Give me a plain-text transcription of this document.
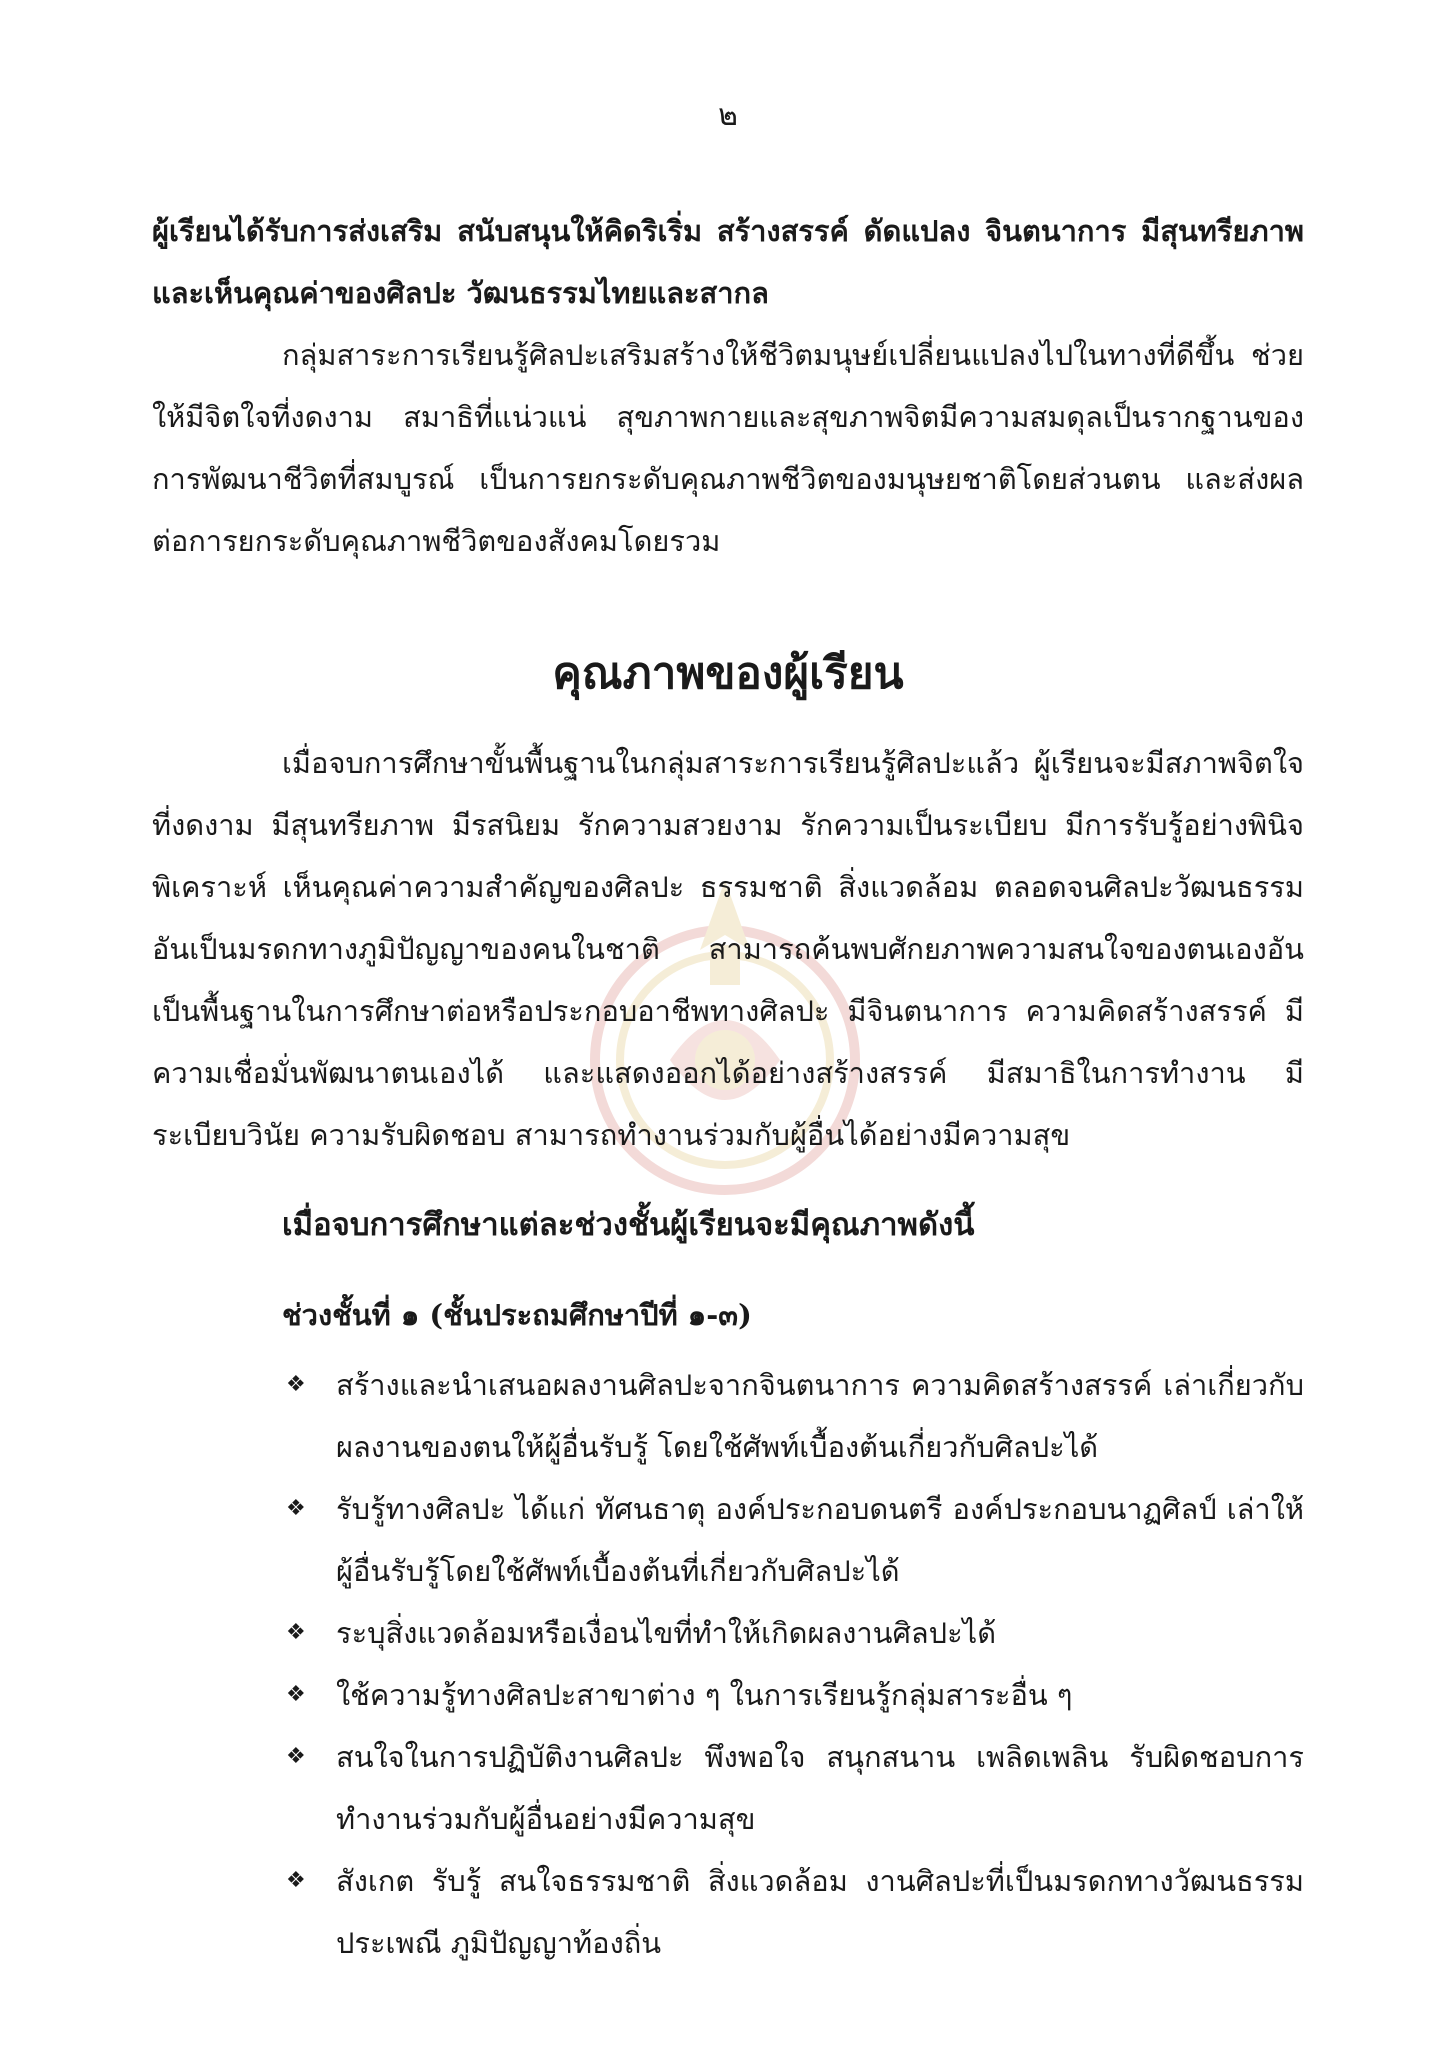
๒

ผู้เรียนได้รับการส่งเสริม สนับสนุนให้คิดริเริ่ม สร้างสรรค์ ดัดแปลง จินตนาการ มีสุนทรียภาพ และเห็นคุณค่าของศิลปะ วัฒนธรรมไทยและสากล

กลุ่มสาระการเรียนรู้ศิลปะเสริมสร้างให้ชีวิตมนุษย์เปลี่ยนแปลงไปในทางที่ดีขึ้น ช่วยให้มีจิตใจที่งดงาม สมาธิที่แน่วแน่ สุขภาพกายและสุขภาพจิตมีความสมดุลเป็นรากฐานของการพัฒนาชีวิตที่สมบูรณ์ เป็นการยกระดับคุณภาพชีวิตของมนุษยชาติโดยส่วนตน และส่งผลต่อการยกระดับคุณภาพชีวิตของสังคมโดยรวม

คุณภาพของผู้เรียน

เมื่อจบการศึกษาขั้นพื้นฐานในกลุ่มสาระการเรียนรู้ศิลปะแล้ว ผู้เรียนจะมีสภาพจิตใจที่งดงาม มีสุนทรียภาพ มีรสนิยม รักความสวยงาม รักความเป็นระเบียบ มีการรับรู้อย่างพินิจพิเคราะห์ เห็นคุณค่าความสำคัญของศิลปะ ธรรมชาติ สิ่งแวดล้อม ตลอดจนศิลปะวัฒนธรรมอันเป็นมรดกทางภูมิปัญญาของคนในชาติ สามารถค้นพบศักยภาพความสนใจของตนเองอันเป็นพื้นฐานในการศึกษาต่อหรือประกอบอาชีพทางศิลปะ มีจินตนาการ ความคิดสร้างสรรค์ มีความเชื่อมั่นพัฒนาตนเองได้ และแสดงออกได้อย่างสร้างสรรค์ มีสมาธิในการทำงาน มีระเบียบวินัย ความรับผิดชอบ สามารถทำงานร่วมกับผู้อื่นได้อย่างมีความสุข

เมื่อจบการศึกษาแต่ละช่วงชั้นผู้เรียนจะมีคุณภาพดังนี้
ช่วงชั้นที่ ๑ (ชั้นประถมศึกษาปีที่ ๑-๓)
❖ สร้างและนำเสนอผลงานศิลปะจากจินตนาการ ความคิดสร้างสรรค์ เล่าเกี่ยวกับผลงานของตนให้ผู้อื่นรับรู้ โดยใช้ศัพท์เบื้องต้นเกี่ยวกับศิลปะได้
❖ รับรู้ทางศิลปะ ได้แก่ ทัศนธาตุ องค์ประกอบดนตรี องค์ประกอบนาฏศิลป์ เล่าให้ผู้อื่นรับรู้โดยใช้ศัพท์เบื้องต้นที่เกี่ยวกับศิลปะได้
❖ ระบุสิ่งแวดล้อมหรือเงื่อนไขที่ทำให้เกิดผลงานศิลปะได้
❖ ใช้ความรู้ทางศิลปะสาขาต่าง ๆ ในการเรียนรู้กลุ่มสาระอื่น ๆ
❖ สนใจในการปฏิบัติงานศิลปะ พึงพอใจ สนุกสนาน เพลิดเพลิน รับผิดชอบการทำงานร่วมกับผู้อื่นอย่างมีความสุข
❖ สังเกต รับรู้ สนใจธรรมชาติ สิ่งแวดล้อม งานศิลปะที่เป็นมรดกทางวัฒนธรรม ประเพณี ภูมิปัญญาท้องถิ่น
